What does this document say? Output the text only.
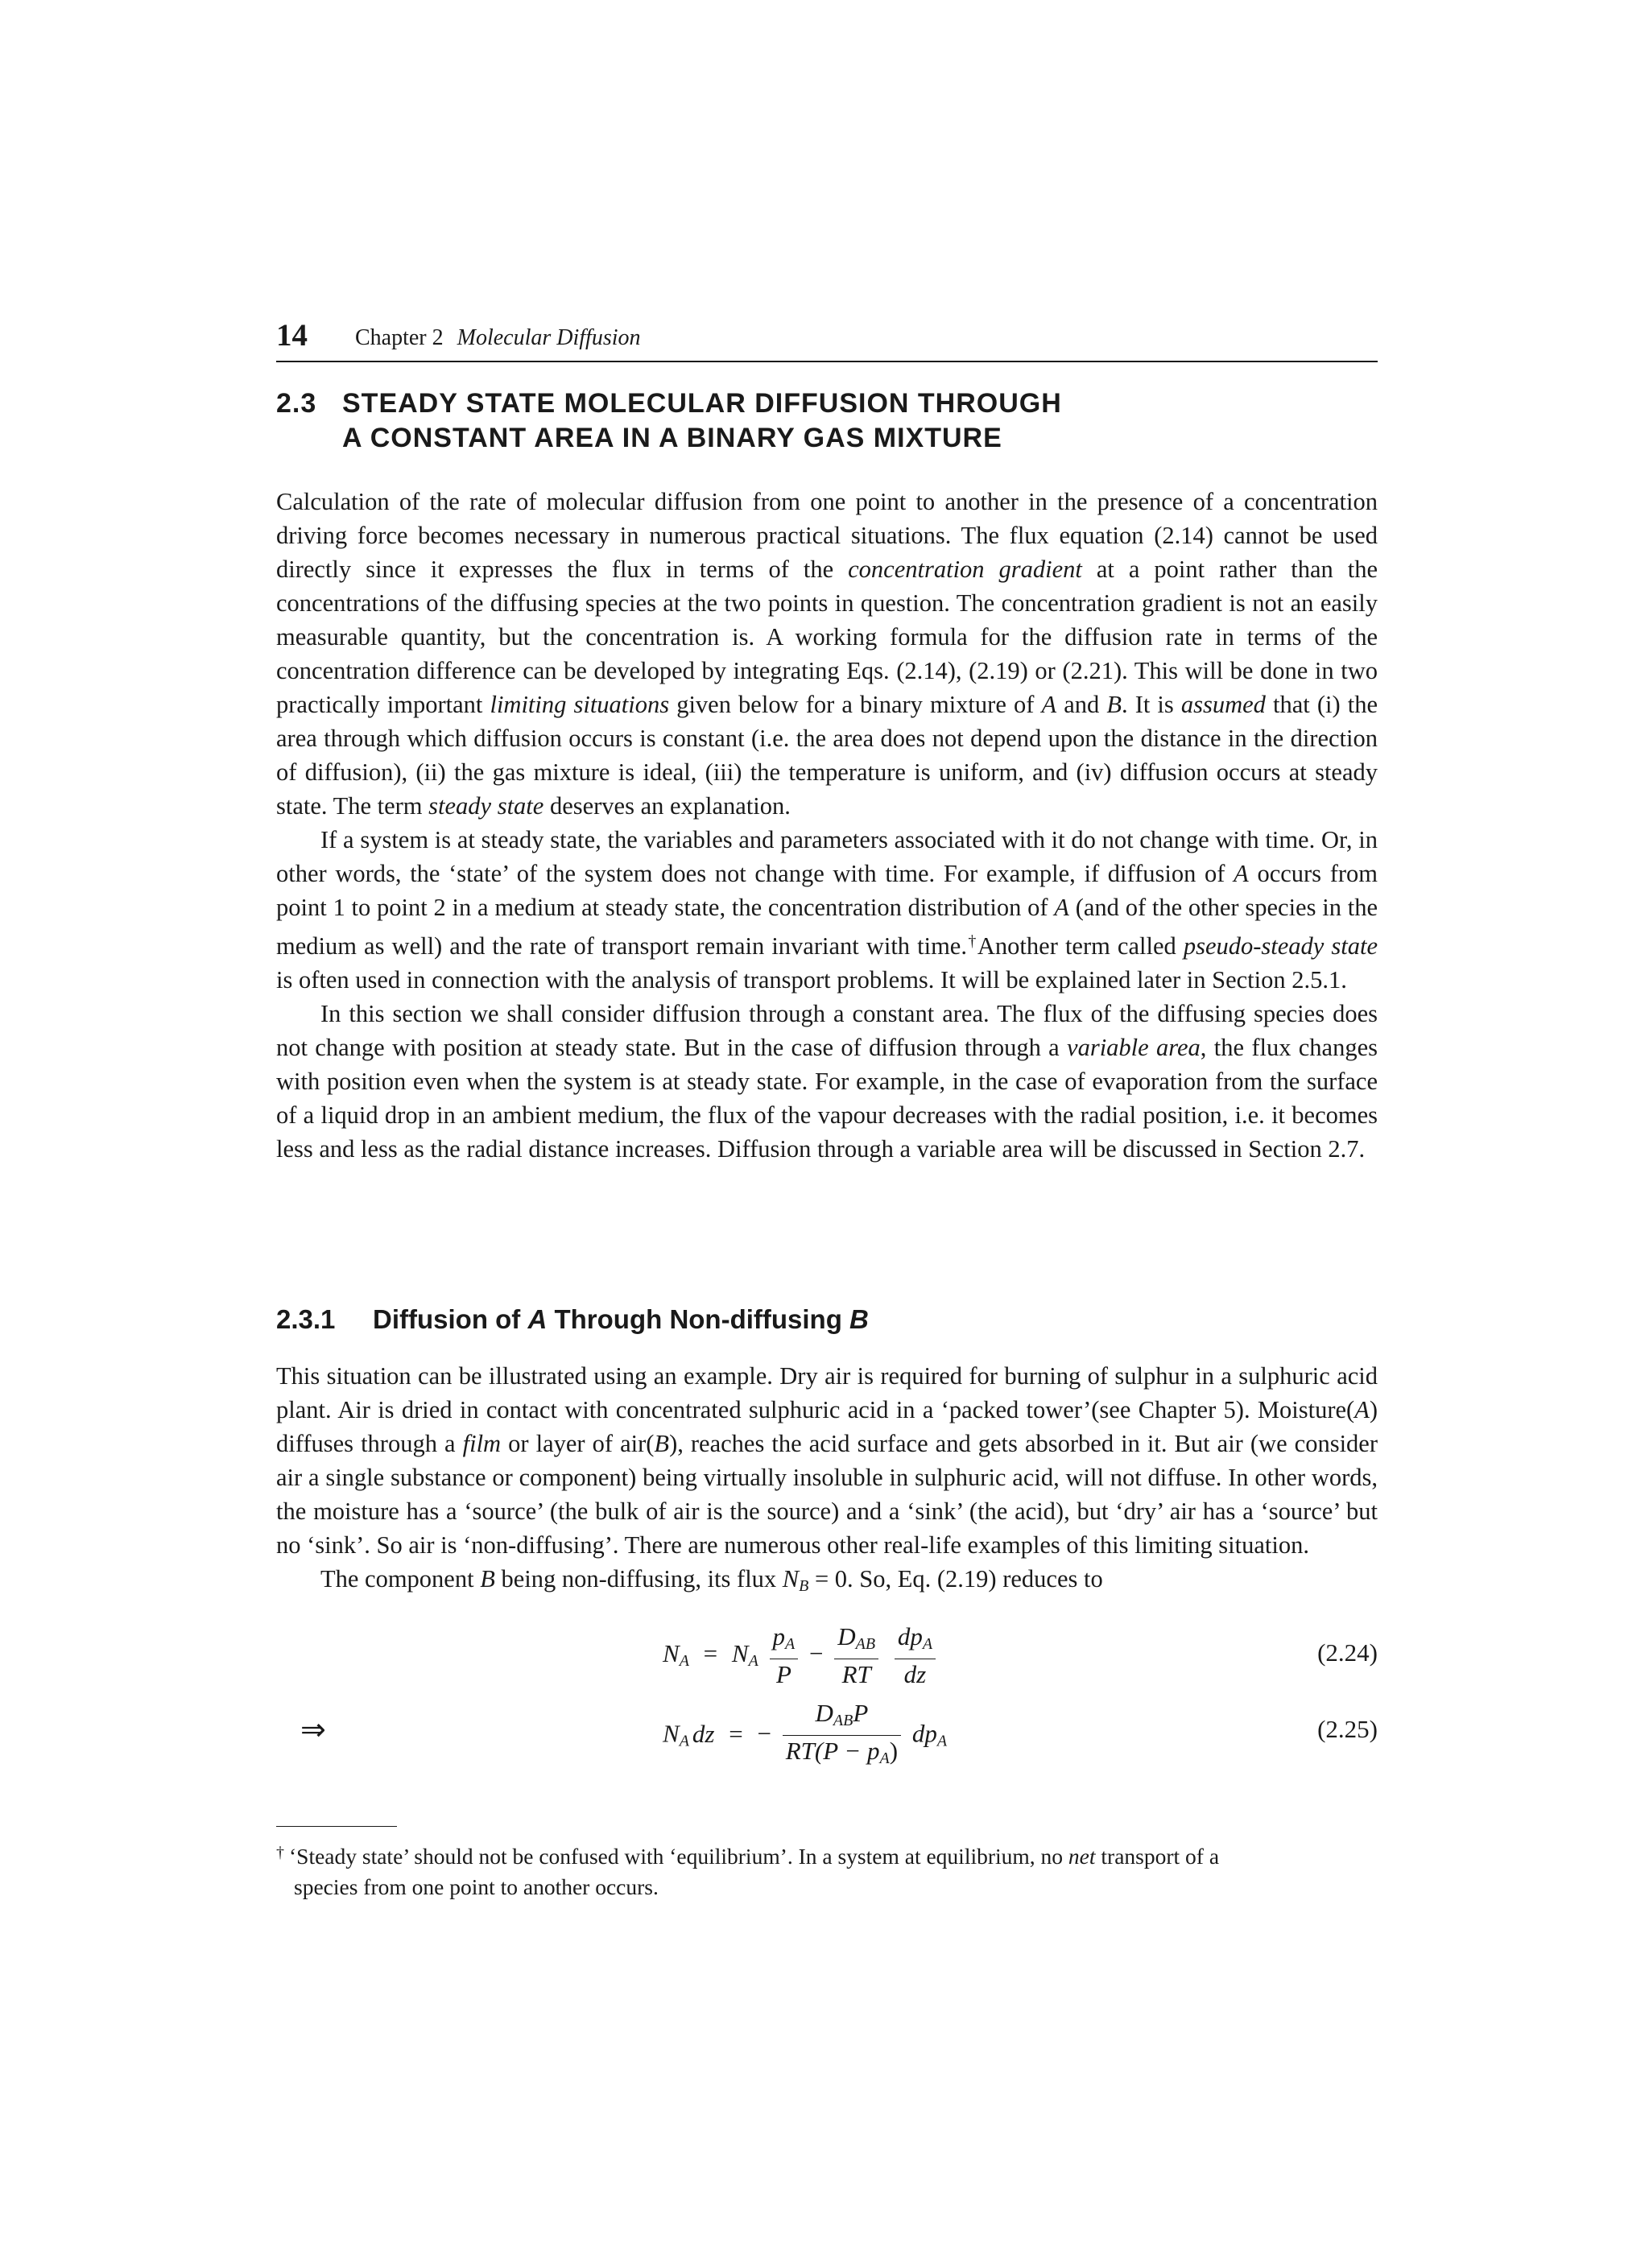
14 Chapter 2 Molecular Diffusion
2.3 STEADY STATE MOLECULAR DIFFUSION THROUGH
A CONSTANT AREA IN A BINARY GAS MIXTURE

Calculation of the rate of molecular diffusion from one point to another in the presence of a concentration driving force becomes necessary in numerous practical situations. The flux equation (2.14) cannot be used directly since it expresses the flux in terms of the concentration gradient at a point rather than the concentrations of the diffusing species at the two points in question. The concentration gradient is not an easily measurable quantity, but the concentration is. A working formula for the diffusion rate in terms of the concentration difference can be developed by integrating Eqs. (2.14), (2.19) or (2.21). This will be done in two practically important limiting situations given below for a binary mixture of A and B. It is assumed that (i) the area through which diffusion occurs is constant (i.e. the area does not depend upon the distance in the direction of diffusion), (ii) the gas mixture is ideal, (iii) the temperature is uniform, and (iv) diffusion occurs at steady state. The term steady state deserves an explanation.

If a system is at steady state, the variables and parameters associated with it do not change with time. Or, in other words, the ‘state’ of the system does not change with time. For example, if diffusion of A occurs from point 1 to point 2 in a medium at steady state, the concentration distribution of A (and of the other species in the medium as well) and the rate of transport remain invariant with time.†Another term called pseudo-steady state is often used in connection with the analysis of transport problems. It will be explained later in Section 2.5.1.

In this section we shall consider diffusion through a constant area. The flux of the diffusing species does not change with position at steady state. But in the case of diffusion through a variable area, the flux changes with position even when the system is at steady state. For example, in the case of evaporation from the surface of a liquid drop in an ambient medium, the flux of the vapour decreases with the radial position, i.e. it becomes less and less as the radial distance increases. Diffusion through a variable area will be discussed in Section 2.7.

2.3.1 Diffusion of A Through Non-diffusing B

This situation can be illustrated using an example. Dry air is required for burning of sulphur in a sulphuric acid plant. Air is dried in contact with concentrated sulphuric acid in a ‘packed tower’(see Chapter 5). Moisture(A) diffuses through a film or layer of air(B), reaches the acid surface and gets absorbed in it. But air (we consider air a single substance or component) being virtually insoluble in sulphuric acid, will not diffuse. In other words, the moisture has a ‘source’ (the bulk of air is the source) and a ‘sink’ (the acid), but ‘dry’ air has a ‘source’ but no ‘sink’. So air is ‘non-diffusing’. There are numerous other real-life examples of this limiting situation.

The component B being non-diffusing, its flux $N_B = 0$. So, Eq. (2.19) reduces to

$N_A = N_A \frac{p_A}{P} - \frac{D_{AB}}{RT}$
$\frac{dp_A}{dz}$	(2.24)
⇒	$N_A$ dz = − $\frac{D_{AB}P}{RT(P - p_A)} dp_A$	(2.25)
† ‘Steady state’ should not be confused with ‘equilibrium’. In a system at equilibrium, no net transport of a
species from one point to another occurs.
